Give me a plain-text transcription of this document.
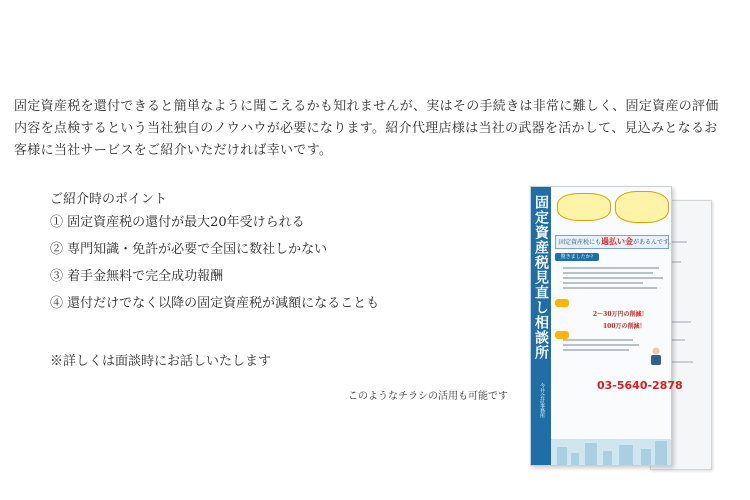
固定資産税を還付できると簡単なように聞こえるかも知れませんが、実はその手続きは非常に難しく、固定資産の評価
内容を点検するという当社独自のノウハウが必要になります。紹介代理店様は当社の武器を活かして、見込みとなるお
客様に当社サービスをご紹介いただければ幸いです。
ご紹介時のポイント
① 固定資産税の還付が最大20年受けられる
② 専門知識・免許が必要で全国に数社しかない
③ 着手金無料で完全成功報酬
④ 還付だけでなく以降の固定資産税が減額になることも
※詳しくは面談時にお話しいたします
このようなチラシの活用も可能です
固定資産税見直し相談所
今井会計事務所
固定資産税にも過払い金があるんです。
驚きましたか?
2〜30万円の削減！
100万の削減！
03-5640-2878
